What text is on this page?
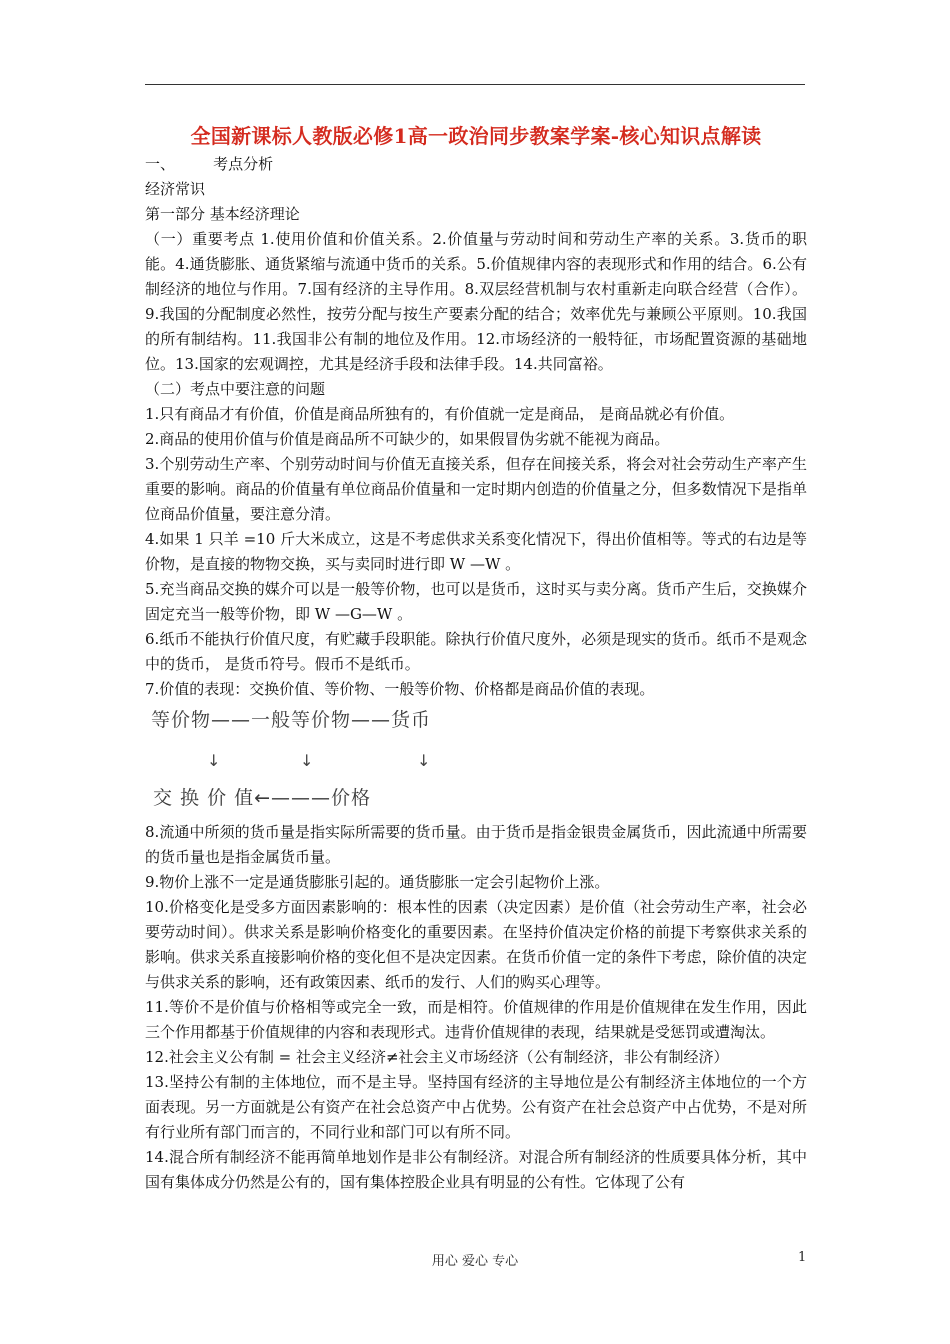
全国新课标人教版必修1高一政治同步教案学案-核心知识点解读
一、        考点分析
经济常识
第一部分 基本经济理论

（一）重要考点 1.使用价值和价值关系。2.价值量与劳动时间和劳动生产率的关系。3.货币的职能。4.通货膨胀、通货紧缩与流通中货币的关系。5.价值规律内容的表现形式和作用的结合。6.公有制经济的地位与作用。7.国有经济的主导作用。8.双层经营机制与农村重新走向联合经营（合作）。9.我国的分配制度必然性，按劳分配与按生产要素分配的结合；效率优先与兼顾公平原则。10.我国的所有制结构。11.我国非公有制的地位及作用。12.市场经济的一般特征，市场配置资源的基础地位。13.国家的宏观调控，尤其是经济手段和法律手段。14.共同富裕。

（二）考点中要注意的问题

1.只有商品才有价值，价值是商品所独有的，有价值就一定是商品， 是商品就必有价值。

2.商品的使用价值与价值是商品所不可缺少的，如果假冒伪劣就不能视为商品。

3.个别劳动生产率、个别劳动时间与价值无直接关系，但存在间接关系，将会对社会劳动生产率产生重要的影响。商品的价值量有单位商品价值量和一定时期内创造的价值量之分，但多数情况下是指单位商品价值量，要注意分清。

4.如果 1 只羊 =10 斤大米成立，这是不考虑供求关系变化情况下，得出价值相等。等式的右边是等价物，是直接的物物交换，买与卖同时进行即 W —W 。

5.充当商品交换的媒介可以是一般等价物，也可以是货币，这时买与卖分离。货币产生后，交换媒介固定充当一般等价物，即 W —G—W 。

6.纸币不能执行价值尺度，有贮藏手段职能。除执行价值尺度外，必须是现实的货币。纸币不是观念中的货币， 是货币符号。假币不是纸币。

7.价值的表现：交换价值、等价物、一般等价物、价格都是商品价值的表现。

等价物——一般等价物——货币
↓	↓	↓
交 换 价 值←———价格

8.流通中所须的货币量是指实际所需要的货币量。由于货币是指金银贵金属货币，因此流通中所需要的货币量也是指金属货币量。

9.物价上涨不一定是通货膨胀引起的。通货膨胀一定会引起物价上涨。

10.价格变化是受多方面因素影响的：根本性的因素（决定因素）是价值（社会劳动生产率，社会必要劳动时间）。供求关系是影响价格变化的重要因素。在坚持价值决定价格的前提下考察供求关系的影响。供求关系直接影响价格的变化但不是决定因素。在货币价值一定的条件下考虑，除价值的决定与供求关系的影响，还有政策因素、纸币的发行、人们的购买心理等。

11.等价不是价值与价格相等或完全一致，而是相符。价值规律的作用是价值规律在发生作用，因此三个作用都基于价值规律的内容和表现形式。违背价值规律的表现，结果就是受惩罚或遭淘汰。

12.社会主义公有制 = 社会主义经济≠社会主义市场经济（公有制经济，非公有制经济）

13.坚持公有制的主体地位，而不是主导。坚持国有经济的主导地位是公有制经济主体地位的一个方面表现。另一方面就是公有资产在社会总资产中占优势。公有资产在社会总资产中占优势，不是对所有行业所有部门而言的，不同行业和部门可以有所不同。

14.混合所有制经济不能再简单地划作是非公有制经济。对混合所有制经济的性质要具体分析，其中国有集体成分仍然是公有的，国有集体控股企业具有明显的公有性。它体现了公有

用心 爱心 专心	1
